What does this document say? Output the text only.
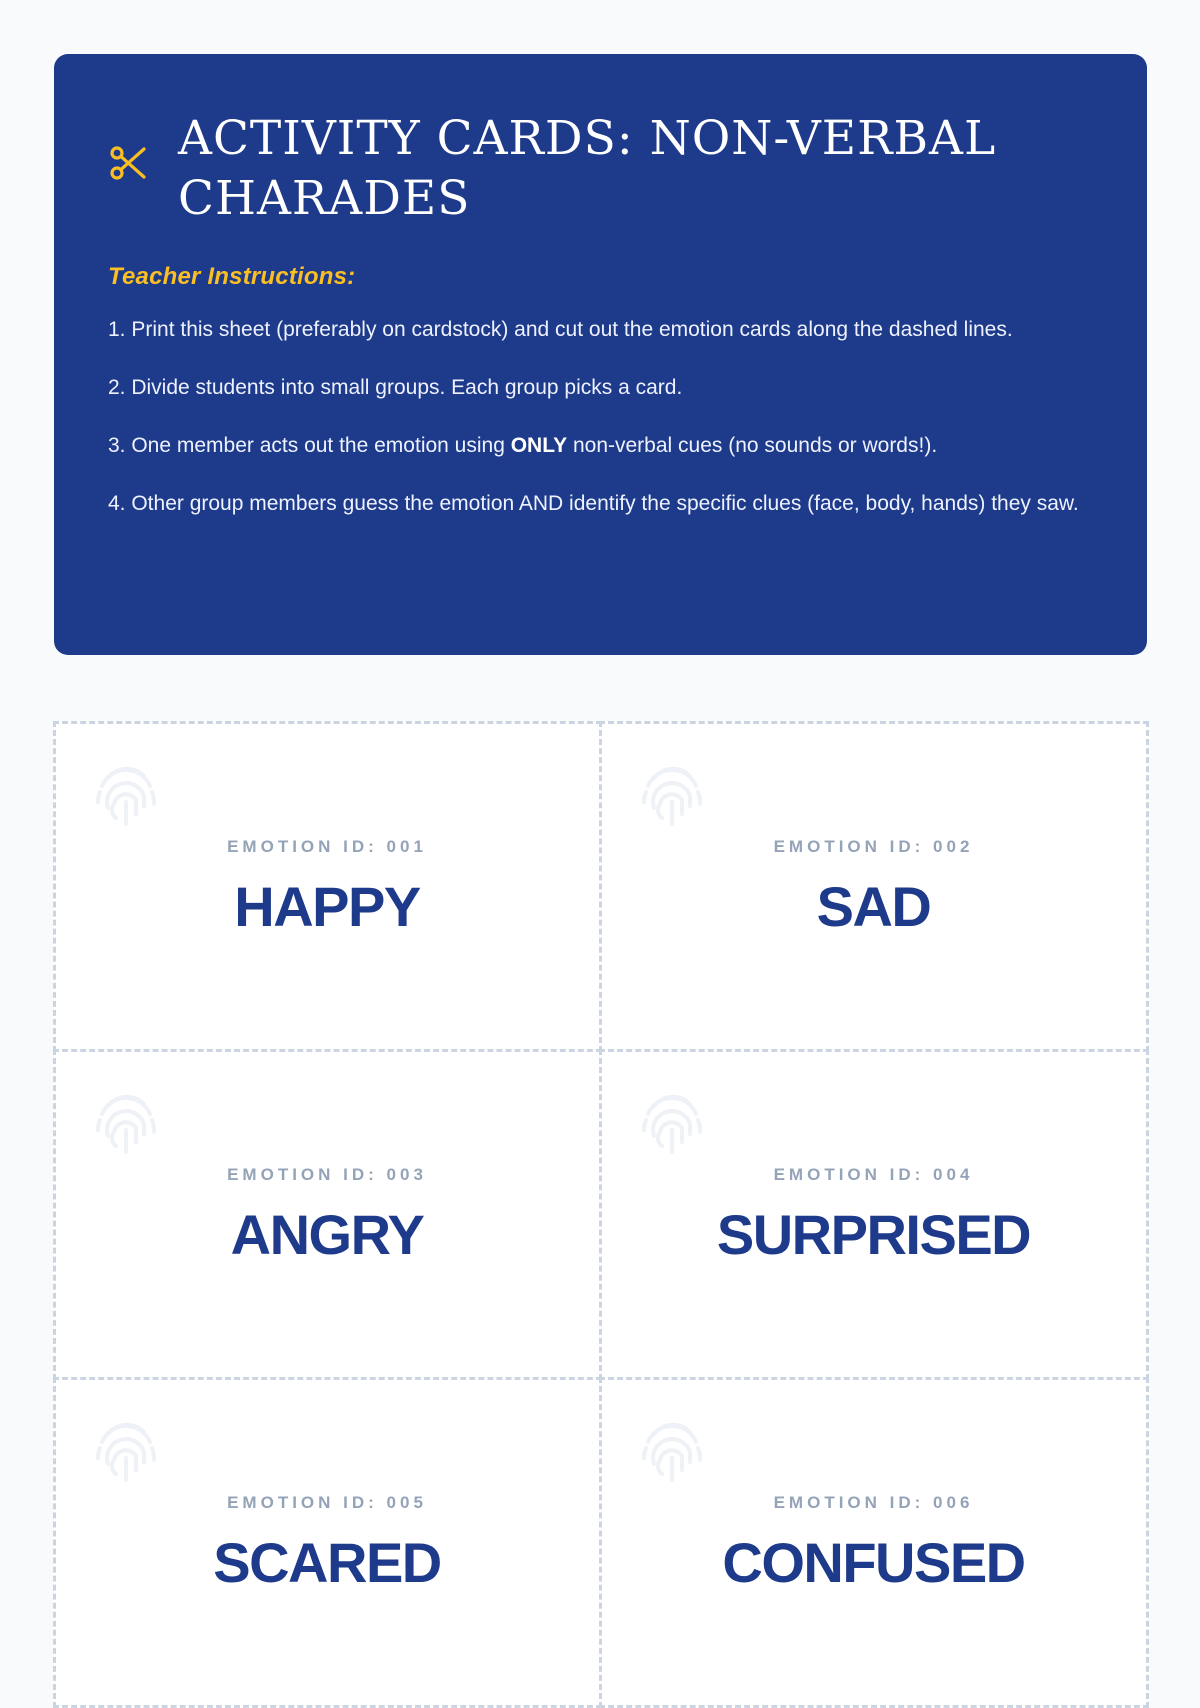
ACTIVITY CARDS: NON-VERBAL CHARADES
Teacher Instructions:

1. Print this sheet (preferably on cardstock) and cut out the emotion cards along the dashed lines.

2. Divide students into small groups. Each group picks a card.

3. One member acts out the emotion using ONLY non-verbal cues (no sounds or words!).

4. Other group members guess the emotion AND identify the specific clues (face, body, hands) they saw.

EMOTION ID: 001
HAPPY
EMOTION ID: 002
SAD
EMOTION ID: 003
ANGRY
EMOTION ID: 004
SURPRISED
EMOTION ID: 005
SCARED
EMOTION ID: 006
CONFUSED
